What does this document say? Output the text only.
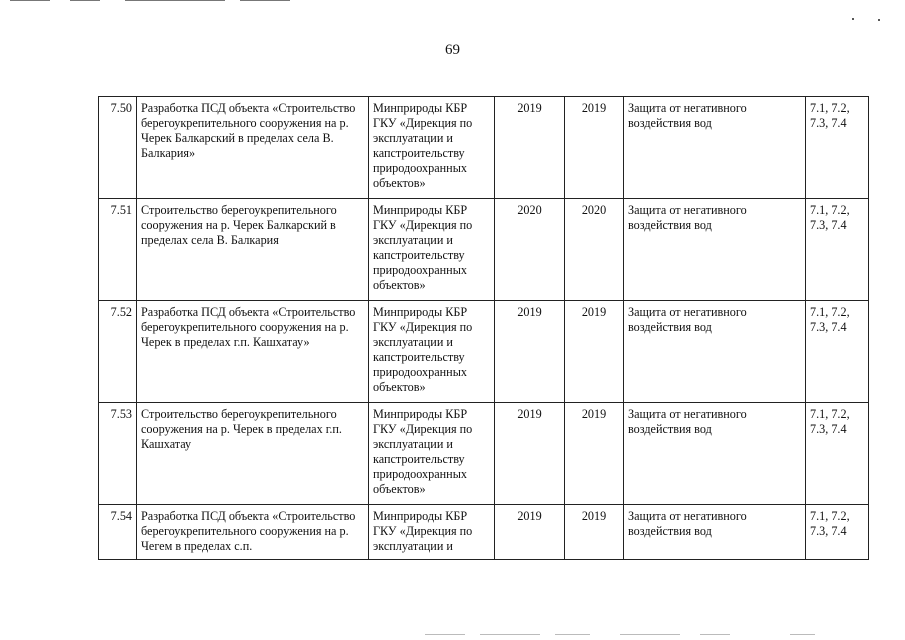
69
7.50	Разработка ПСД объекта «Строительство берегоукрепительного сооружения на р. Черек Балкарский в пределах села В. Балкария»	Минприроды КБР ГКУ «Дирекция по эксплуатации и капстроительству природоохранных объектов»	2019	2019	Защита от негативного воздействия вод	7.1, 7.2, 7.3, 7.4
7.51	Строительство берегоукрепительного сооружения на р. Черек Балкарский в пределах села В. Балкария	Минприроды КБР ГКУ «Дирекция по эксплуатации и капстроительству природоохранных объектов»	2020	2020	Защита от негативного воздействия вод	7.1, 7.2, 7.3, 7.4
7.52	Разработка ПСД объекта «Строительство берегоукрепительного сооружения на р. Черек в пределах г.п. Кашхатау»	Минприроды КБР ГКУ «Дирекция по эксплуатации и капстроительству природоохранных объектов»	2019	2019	Защита от негативного воздействия вод	7.1, 7.2, 7.3, 7.4
7.53	Строительство берегоукрепительного сооружения на р. Черек в пределах г.п. Кашхатау	Минприроды КБР ГКУ «Дирекция по эксплуатации и капстроительству природоохранных объектов»	2019	2019	Защита от негативного воздействия вод	7.1, 7.2, 7.3, 7.4
7.54	Разработка ПСД объекта «Строительство берегоукрепительного сооружения на р. Чегем в пределах с.п.	Минприроды КБР ГКУ «Дирекция по эксплуатации и	2019	2019	Защита от негативного воздействия вод	7.1, 7.2, 7.3, 7.4
